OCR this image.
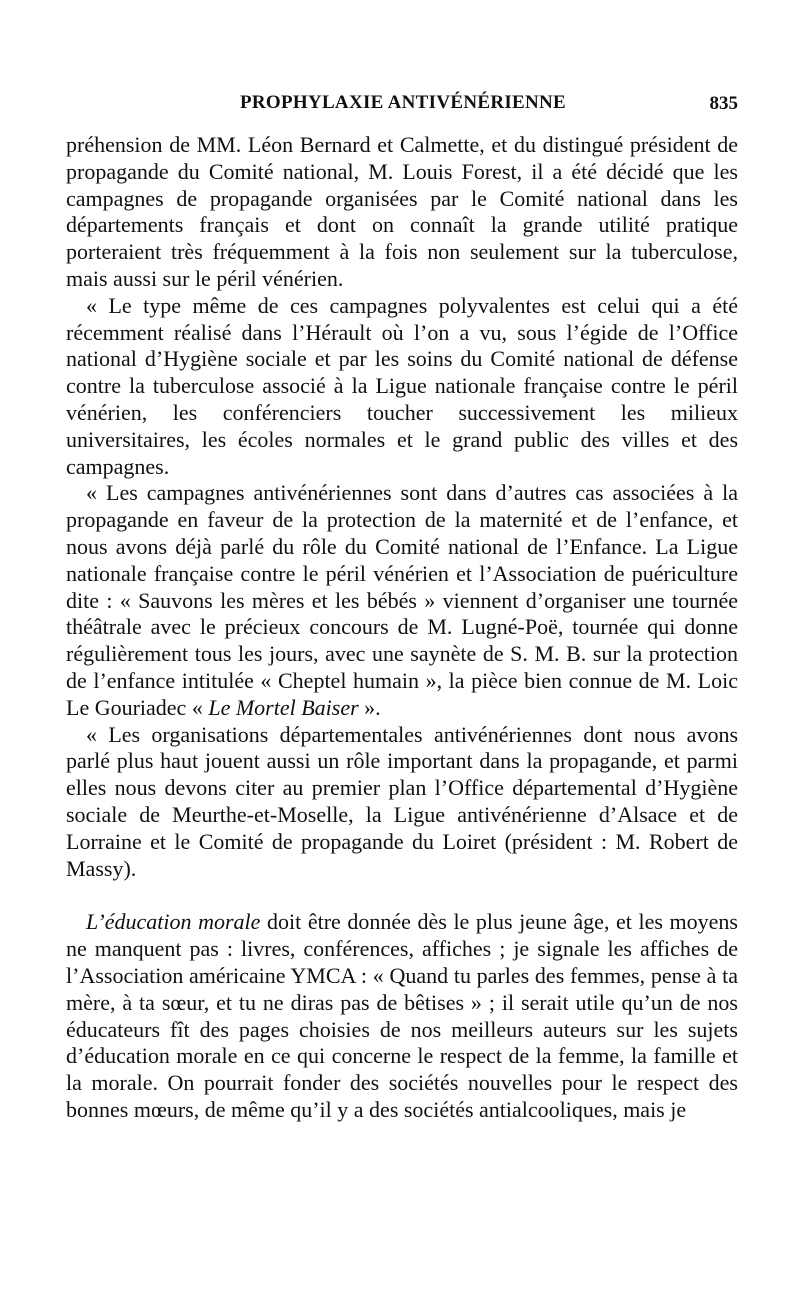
PROPHYLAXIE ANTIVÉNÉRIENNE	835

préhension de MM. Léon Bernard et Calmette, et du distingué président de propagande du Comité national, M. Louis Forest, il a été décidé que les campagnes de propagande organisées par le Comité national dans les départements français et dont on connaît la grande utilité pratique porteraient très fréquemment à la fois non seulement sur la tuberculose, mais aussi sur le péril vénérien.

« Le type même de ces campagnes polyvalentes est celui qui a été récemment réalisé dans l’Hérault où l’on a vu, sous l’égide de l’Office national d’Hygiène sociale et par les soins du Comité national de défense contre la tuberculose associé à la Ligue nationale française contre le péril vénérien, les conférenciers toucher successivement les milieux universitaires, les écoles normales et le grand public des villes et des campagnes.

« Les campagnes antivénériennes sont dans d’autres cas associées à la propagande en faveur de la protection de la maternité et de l’enfance, et nous avons déjà parlé du rôle du Comité national de l’Enfance. La Ligue nationale française contre le péril vénérien et l’Association de puériculture dite : « Sauvons les mères et les bébés » viennent d’organiser une tournée théâtrale avec le précieux concours de M. Lugné-Poë, tournée qui donne régulièrement tous les jours, avec une saynète de S. M. B. sur la protection de l’enfance intitulée « Cheptel humain », la pièce bien connue de M. Loic Le Gouriadec « Le Mortel Baiser ».

« Les organisations départementales antivénériennes dont nous avons parlé plus haut jouent aussi un rôle important dans la propagande, et parmi elles nous devons citer au premier plan l’Office départemental d’Hygiène sociale de Meurthe-et-Moselle, la Ligue antivénérienne d’Alsace et de Lorraine et le Comité de propagande du Loiret (président : M. Robert de Massy).

L’éducation morale doit être donnée dès le plus jeune âge, et les moyens ne manquent pas : livres, conférences, affiches ; je signale les affiches de l’Association américaine YMCA : « Quand tu parles des femmes, pense à ta mère, à ta sœur, et tu ne diras pas de bêtises » ; il serait utile qu’un de nos éducateurs fît des pages choisies de nos meilleurs auteurs sur les sujets d’éducation morale en ce qui concerne le respect de la femme, la famille et la morale. On pourrait fonder des sociétés nouvelles pour le respect des bonnes mœurs, de même qu’il y a des sociétés antialcooliques, mais je
